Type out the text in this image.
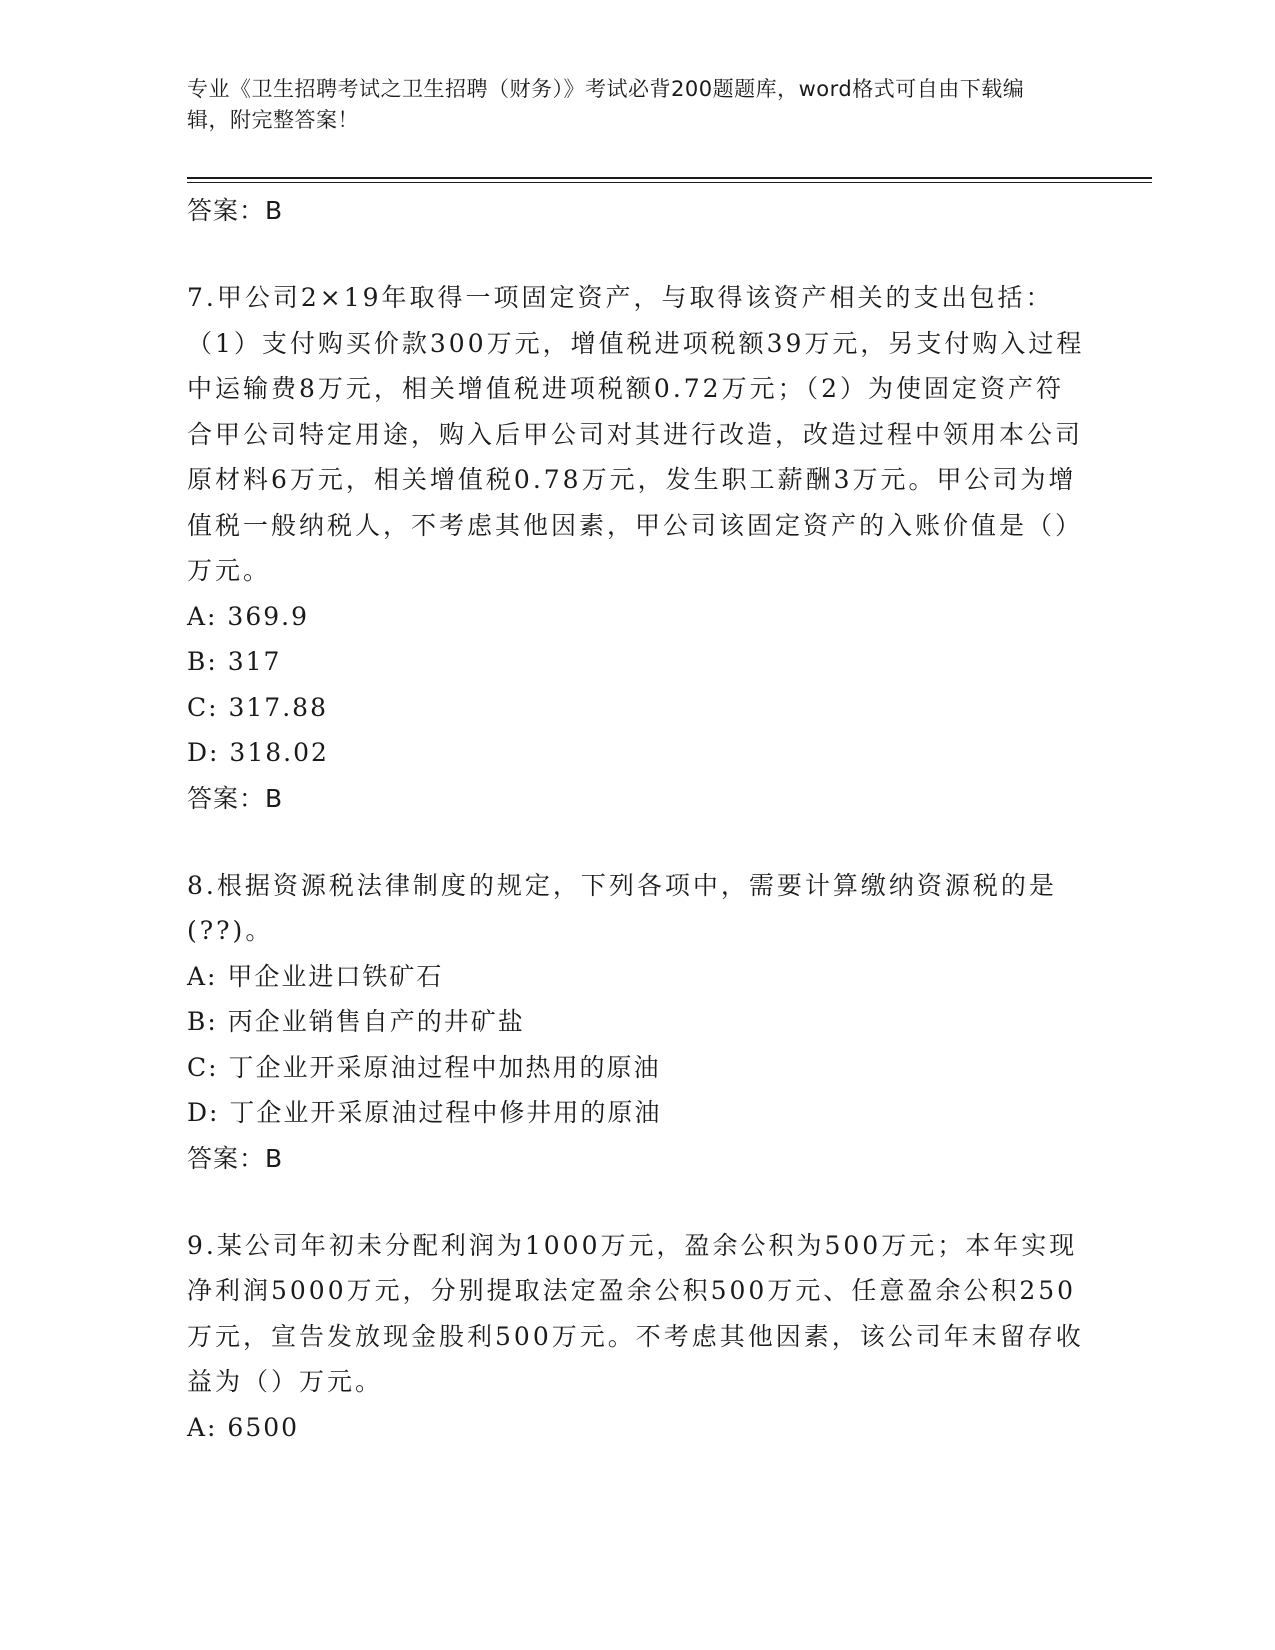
专业《卫生招聘考试之卫生招聘（财务）》考试必背200题题库，word格式可自由下载编辑，附完整答案！
答案：B
7.甲公司2×19年取得一项固定资产，与取得该资产相关的支出包括：（1）支付购买价款300万元，增值税进项税额39万元，另支付购入过程中运输费8万元，相关增值税进项税额0.72万元；（2）为使固定资产符合甲公司特定用途，购入后甲公司对其进行改造，改造过程中领用本公司原材料6万元，相关增值税0.78万元，发生职工薪酬3万元。甲公司为增值税一般纳税人，不考虑其他因素，甲公司该固定资产的入账价值是（）万元。
A: 369.9
B: 317
C: 317.88
D: 318.02
答案：B
8.根据资源税法律制度的规定，下列各项中，需要计算缴纳资源税的是(??)。
A: 甲企业进口铁矿石
B: 丙企业销售自产的井矿盐
C: 丁企业开采原油过程中加热用的原油
D: 丁企业开采原油过程中修井用的原油
答案：B
9.某公司年初未分配利润为1000万元，盈余公积为500万元；本年实现净利润5000万元，分别提取法定盈余公积500万元、任意盈余公积250万元，宣告发放现金股利500万元。不考虑其他因素，该公司年末留存收益为（）万元。
A: 6500
